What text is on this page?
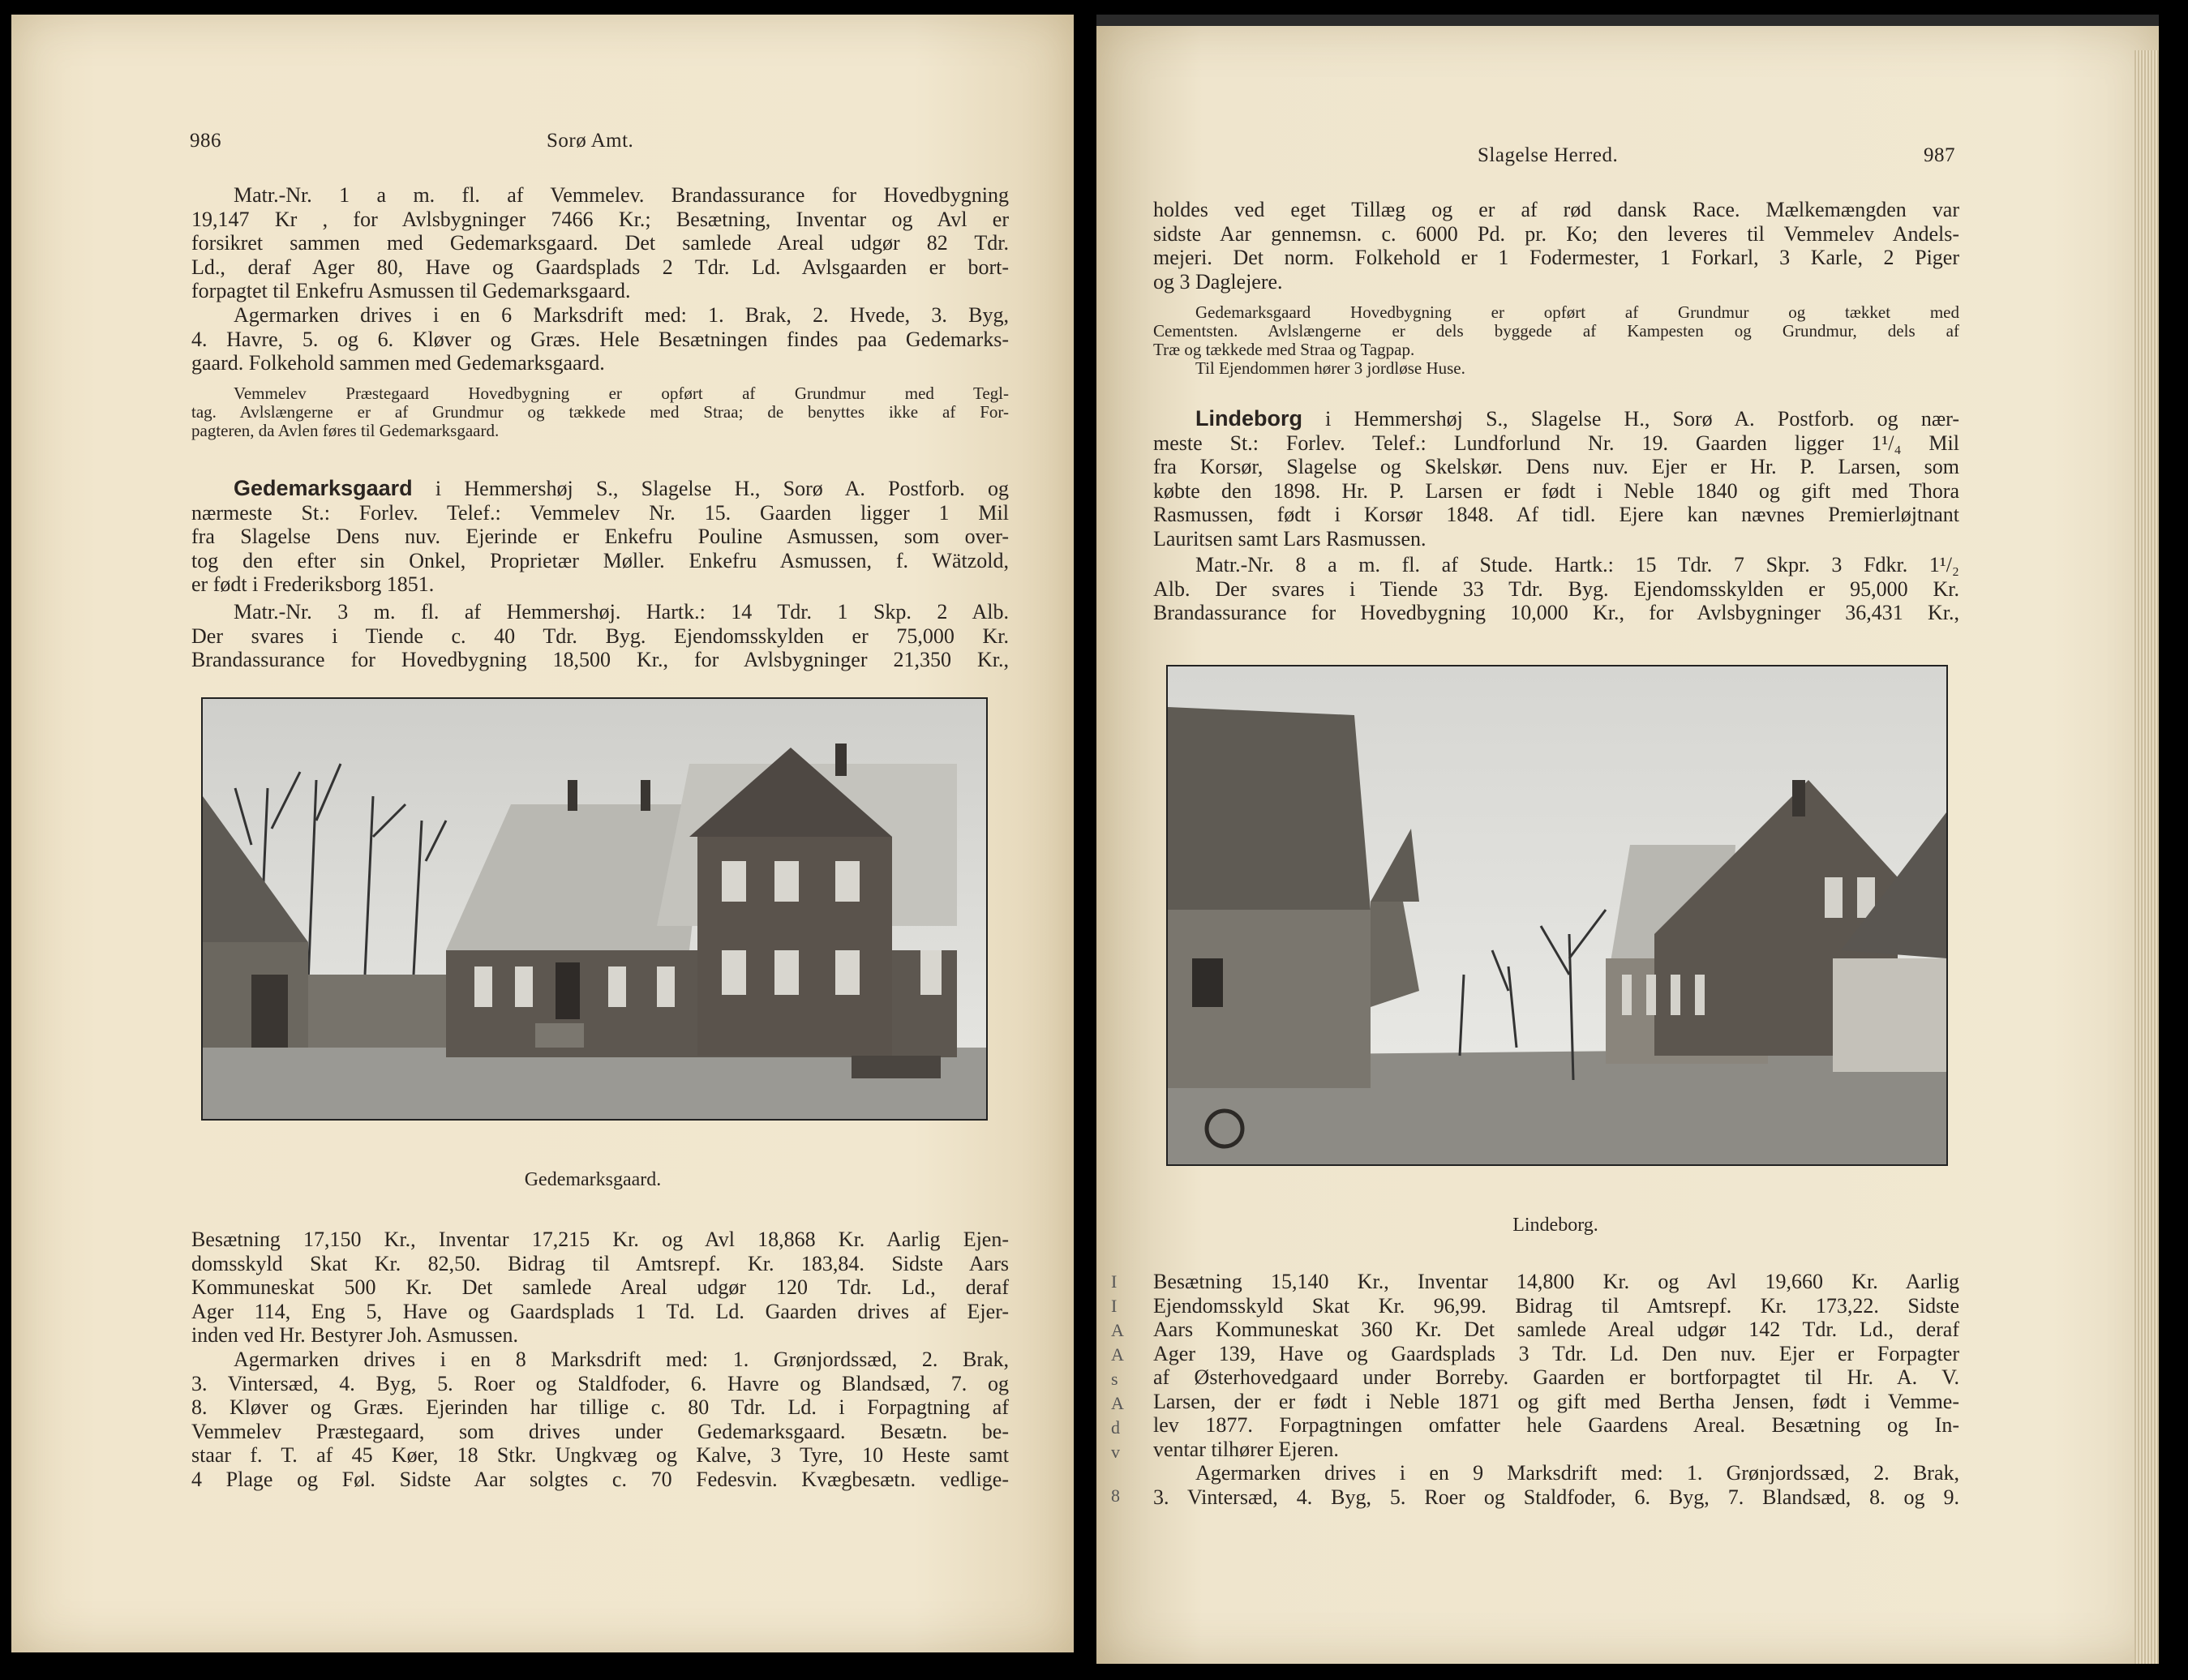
986	Sorø Amt.
Matr.-Nr. 1 a m. fl. af Vemmelev. Brandassurance for Hovedbygning
19,147 Kr , for Avlsbygninger 7466 Kr.; Besætning, Inventar og Avl er
forsikret sammen med Gedemarksgaard. Det samlede Areal udgør 82 Tdr.
Ld., deraf Ager 80, Have og Gaardsplads 2 Tdr. Ld. Avlsgaarden er bort-
forpagtet til Enkefru Asmussen til Gedemarksgaard.
Agermarken drives i en 6 Marksdrift med: 1. Brak, 2. Hvede, 3. Byg,
4. Havre, 5. og 6. Kløver og Græs. Hele Besætningen findes paa Gedemarks-
gaard. Folkehold sammen med Gedemarksgaard.
Vemmelev Præstegaard Hovedbygning er opført af Grundmur med Tegl-
tag. Avlslængerne er af Grundmur og tækkede med Straa; de benyttes ikke af For-
pagteren, da Avlen føres til Gedemarksgaard.
Gedemarksgaard i Hemmershøj S., Slagelse H., Sorø A. Postforb. og
nærmeste St.: Forlev. Telef.: Vemmelev Nr. 15. Gaarden ligger 1 Mil
fra Slagelse Dens nuv. Ejerinde er Enkefru Pouline Asmussen, som over-
tog den efter sin Onkel, Proprietær Møller. Enkefru Asmussen, f. Wätzold,
er født i Frederiksborg 1851.
Matr.-Nr. 3 m. fl. af Hemmershøj. Hartk.: 14 Tdr. 1 Skp. 2 Alb.
Der svares i Tiende c. 40 Tdr. Byg. Ejendomsskylden er 75,000 Kr.
Brandassurance for Hovedbygning 18,500 Kr., for Avlsbygninger 21,350 Kr.,
Gedemarksgaard.
Besætning 17,150 Kr., Inventar 17,215 Kr. og Avl 18,868 Kr. Aarlig Ejen-
domsskyld Skat Kr. 82,50. Bidrag til Amtsrepf. Kr. 183,84. Sidste Aars
Kommuneskat 500 Kr. Det samlede Areal udgør 120 Tdr. Ld., deraf
Ager 114, Eng 5, Have og Gaardsplads 1 Td. Ld. Gaarden drives af Ejer-
inden ved Hr. Bestyrer Joh. Asmussen.
Agermarken drives i en 8 Marksdrift med: 1. Grønjordssæd, 2. Brak,
3. Vintersæd, 4. Byg, 5. Roer og Staldfoder, 6. Havre og Blandsæd, 7. og
8. Kløver og Græs. Ejerinden har tillige c. 80 Tdr. Ld. i Forpagtning af
Vemmelev Præstegaard, som drives under Gedemarksgaard. Besætn. be-
staar f. T. af 45 Køer, 18 Stkr. Ungkvæg og Kalve, 3 Tyre, 10 Heste samt
4 Plage og Føl. Sidste Aar solgtes c. 70 Fedesvin. Kvægbesætn. vedlige-
Slagelse Herred.	987
holdes ved eget Tillæg og er af rød dansk Race. Mælkemængden var
sidste Aar gennemsn. c. 6000 Pd. pr. Ko; den leveres til Vemmelev Andels-
mejeri. Det norm. Folkehold er 1 Fodermester, 1 Forkarl, 3 Karle, 2 Piger
og 3 Daglejere.
Gedemarksgaard Hovedbygning er opført af Grundmur og tækket med
Cementsten. Avlslængerne er dels byggede af Kampesten og Grundmur, dels af
Træ og tækkede med Straa og Tagpap.
Til Ejendommen hører 3 jordløse Huse.
Lindeborg i Hemmershøj S., Slagelse H., Sorø A. Postforb. og nær-
meste St.: Forlev. Telef.: Lundforlund Nr. 19. Gaarden ligger 1¹/₄ Mil
fra Korsør, Slagelse og Skelskør. Dens nuv. Ejer er Hr. P. Larsen, som
købte den 1898. Hr. P. Larsen er født i Neble 1840 og gift med Thora
Rasmussen, født i Korsør 1848. Af tidl. Ejere kan nævnes Premierløjtnant
Lauritsen samt Lars Rasmussen.
Matr.-Nr. 8 a m. fl. af Stude. Hartk.: 15 Tdr. 7 Skpr. 3 Fdkr. 1¹/₂
Alb. Der svares i Tiende 33 Tdr. Byg. Ejendomsskylden er 95,000 Kr.
Brandassurance for Hovedbygning 10,000 Kr., for Avlsbygninger 36,431 Kr.,
Lindeborg.
Besætning 15,140 Kr., Inventar 14,800 Kr. og Avl 19,660 Kr. Aarlig
Ejendomsskyld Skat Kr. 96,99. Bidrag til Amtsrepf. Kr. 173,22. Sidste
Aars Kommuneskat 360 Kr. Det samlede Areal udgør 142 Tdr. Ld., deraf
Ager 139, Have og Gaardsplads 3 Tdr. Ld. Den nuv. Ejer er Forpagter
af Østerhovedgaard under Borreby. Gaarden er bortforpagtet til Hr. A. V.
Larsen, der er født i Neble 1871 og gift med Bertha Jensen, født i Vemme-
lev 1877. Forpagtningen omfatter hele Gaardens Areal. Besætning og In-
ventar tilhører Ejeren.
Agermarken drives i en 9 Marksdrift med: 1. Grønjordssæd, 2. Brak,
3. Vintersæd, 4. Byg, 5. Roer og Staldfoder, 6. Byg, 7. Blandsæd, 8. og 9.
I
I
A
A
s
A
d
v
8
